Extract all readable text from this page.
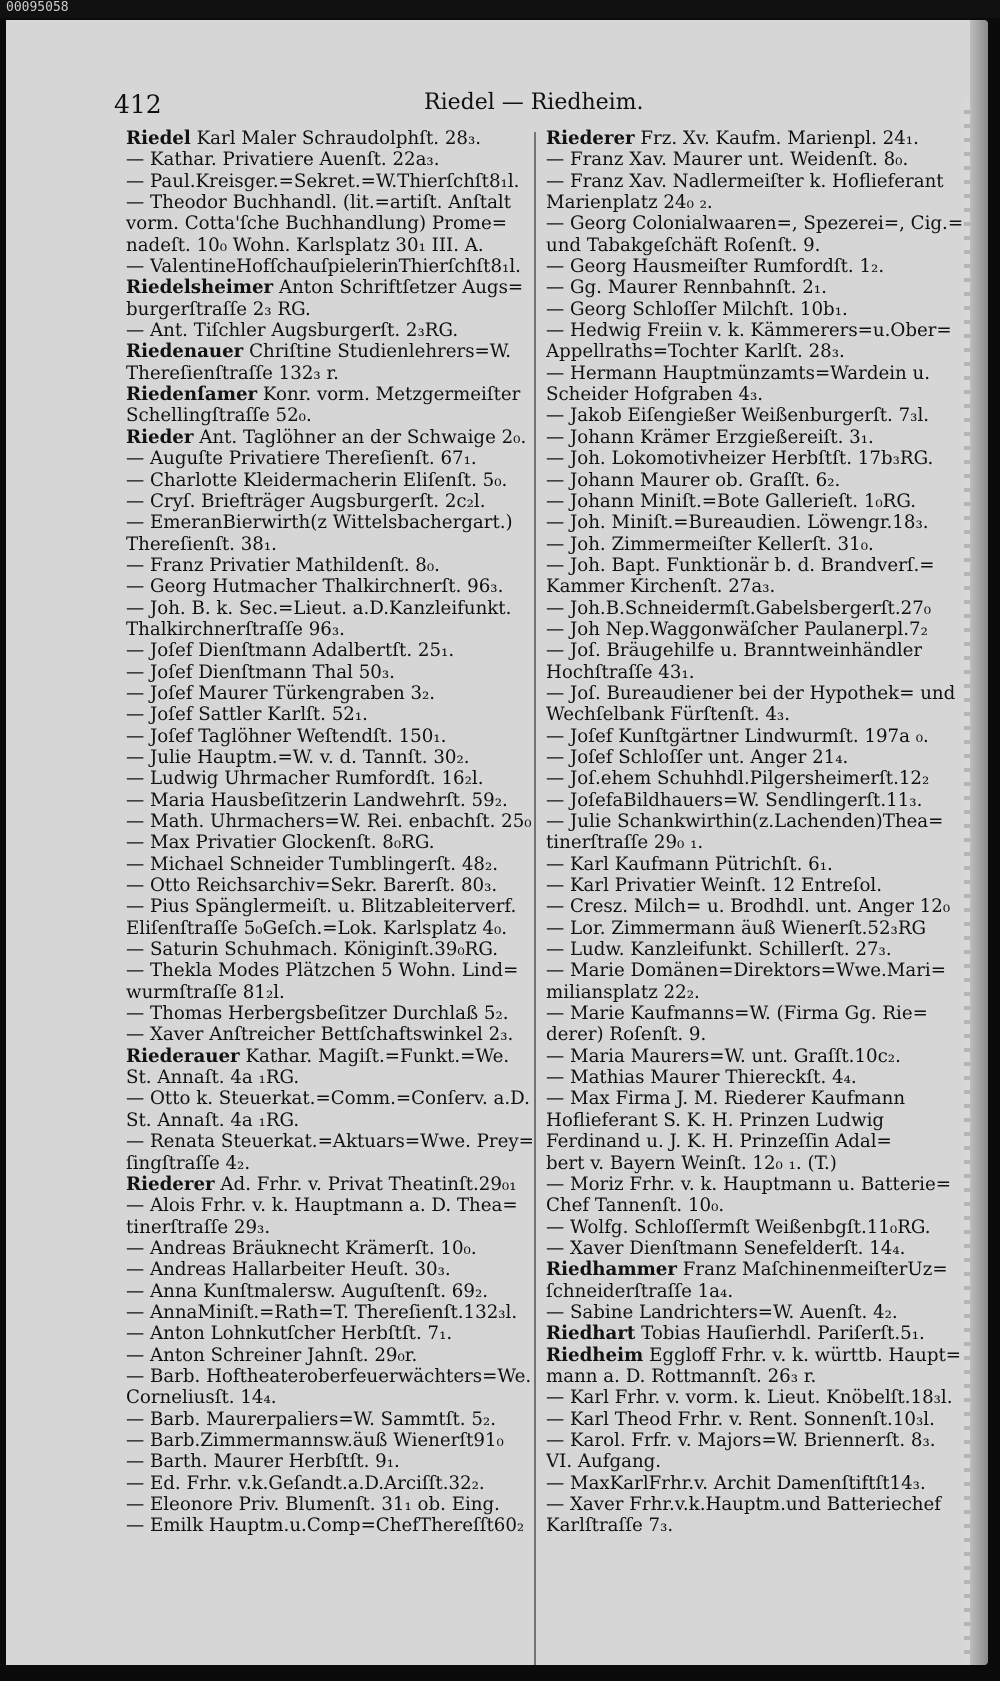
00095058
412	Riedel — Riedheim.
Riedel Karl Maler Schraudolphſt. 28₃.
— Kathar. Privatiere Auenſt. 22a₃.
— Paul.Kreisger.=Sekret.=W.Thierſchſt8₁l.
— Theodor Buchhandl. (lit.=artiſt. Anſtalt
vorm. Cotta'ſche Buchhandlung) Prome=
nadeſt. 10₀ Wohn. Karlsplatz 30₁ III. A.
— ValentineHofſchauſpielerinThierſchſt8₁l.
Riedelsheimer Anton Schriftſetzer Augs=
burgerſtraſſe 2₃ RG.
— Ant. Tiſchler Augsburgerſt. 2₃RG.
Riedenauer Chriſtine Studienlehrers=W.
Thereſienſtraſſe 132₃ r.
Riedenſamer Konr. vorm. Metzgermeiſter
Schellingſtraſſe 52₀.
Rieder Ant. Taglöhner an der Schwaige 2₀.
— Auguſte Privatiere Thereſienſt. 67₁.
— Charlotte Kleidermacherin Eliſenſt. 5₀.
— Cryſ. Briefträger Augsburgerſt. 2c₂l.
— EmeranBierwirth(z Wittelsbachergart.)
Thereſienſt. 38₁.
— Franz Privatier Mathildenſt. 8₀.
— Georg Hutmacher Thalkirchnerſt. 96₃.
— Joh. B. k. Sec.=Lieut. a.D.Kanzleifunkt.
Thalkirchnerſtraſſe 96₃.
— Joſef Dienſtmann Adalbertſt. 25₁.
— Joſef Dienſtmann Thal 50₃.
— Joſef Maurer Türkengraben 3₂.
— Joſef Sattler Karlſt. 52₁.
— Joſef Taglöhner Weſtendſt. 150₁.
— Julie Hauptm.=W. v. d. Tannſt. 30₂.
— Ludwig Uhrmacher Rumfordſt. 16₂l.
— Maria Hausbeſitzerin Landwehrſt. 59₂.
— Math. Uhrmachers=W. Rei. enbachſt. 25₀
— Max Privatier Glockenſt. 8₀RG.
— Michael Schneider Tumblingerſt. 48₂.
— Otto Reichsarchiv=Sekr. Barerſt. 80₃.
— Pius Spänglermeiſt. u. Blitzableiterverf.
Eliſenſtraſſe 5₀Geſch.=Lok. Karlsplatz 4₀.
— Saturin Schuhmach. Königinſt.39₀RG.
— Thekla Modes Plätzchen 5 Wohn. Lind=
wurmſtraſſe 81₂l.
— Thomas Herbergsbeſitzer Durchlaß 5₂.
— Xaver Anſtreicher Bettſchaftswinkel 2₃.
Riederauer Kathar. Magiſt.=Funkt.=We.
St. Annaſt. 4a ₁RG.
— Otto k. Steuerkat.=Comm.=Conſerv. a.D.
St. Annaſt. 4a ₁RG.
— Renata Steuerkat.=Aktuars=Wwe. Prey=
ſingſtraſſe 4₂.
Riederer Ad. Frhr. v. Privat Theatinſt.29₀₁
— Alois Frhr. v. k. Hauptmann a. D. Thea=
tinerſtraſſe 29₃.
— Andreas Bräuknecht Krämerſt. 10₀.
— Andreas Hallarbeiter Heuſt. 30₃.
— Anna Kunſtmalersw. Auguſtenſt. 69₂.
— AnnaMiniſt.=Rath=T. Thereſienſt.132₃l.
— Anton Lohnkutſcher Herbſtſt. 7₁.
— Anton Schreiner Jahnſt. 29₀r.
— Barb. Hoftheateroberfeuerwächters=We.
Corneliusſt. 14₄.
— Barb. Maurerpaliers=W. Sammtſt. 5₂.
— Barb.Zimmermannsw.äuß Wienerſt91₀
— Barth. Maurer Herbſtſt. 9₁.
— Ed. Frhr. v.k.Geſandt.a.D.Arciſſt.32₂.
— Eleonore Priv. Blumenſt. 31₁ ob. Eing.
— Emilk Hauptm.u.Comp=ChefThereſſt60₂
Riederer Frz. Xv. Kaufm. Marienpl. 24₁.
— Franz Xav. Maurer unt. Weidenſt. 8₀.
— Franz Xav. Nadlermeiſter k. Hoflieferant
Marienplatz 24₀ ₂.
— Georg Colonialwaaren=, Spezerei=, Cig.=
und Tabakgeſchäft Roſenſt. 9.
— Georg Hausmeiſter Rumfordſt. 1₂.
— Gg. Maurer Rennbahnſt. 2₁.
— Georg Schloſſer Milchſt. 10b₁.
— Hedwig Freiin v. k. Kämmerers=u.Ober=
Appellraths=Tochter Karlſt. 28₃.
— Hermann Hauptmünzamts=Wardein u.
Scheider Hofgraben 4₃.
— Jakob Eiſengießer Weißenburgerſt. 7₃l.
— Johann Krämer Erzgießereiſt. 3₁.
— Joh. Lokomotivheizer Herbſtſt. 17b₃RG.
— Johann Maurer ob. Graſſt. 6₂.
— Johann Miniſt.=Bote Gallerieſt. 1₀RG.
— Joh. Miniſt.=Bureaudien. Löwengr.18₃.
— Joh. Zimmermeiſter Kellerſt. 31₀.
— Joh. Bapt. Funktionär b. d. Brandverſ.=
Kammer Kirchenſt. 27a₃.
— Joh.B.Schneidermſt.Gabelsbergerſt.27₀
— Joh Nep.Waggonwäſcher Paulanerpl.7₂
— Joſ. Bräugehilfe u. Branntweinhändler
Hochſtraſſe 43₁.
— Joſ. Bureaudiener bei der Hypothek= und
Wechſelbank Fürſtenſt. 4₃.
— Joſef Kunſtgärtner Lindwurmſt. 197a ₀.
— Joſef Schloſſer unt. Anger 21₄.
— Joſ.ehem Schuhhdl.Pilgersheimerſt.12₂
— JoſefaBildhauers=W. Sendlingerſt.11₃.
— Julie Schankwirthin(z.Lachenden)Thea=
tinerſtraſſe 29₀ ₁.
— Karl Kaufmann Pütrichſt. 6₁.
— Karl Privatier Weinſt. 12 Entreſol.
— Cresz. Milch= u. Brodhdl. unt. Anger 12₀
— Lor. Zimmermann äuß Wienerſt.52₃RG
— Ludw. Kanzleifunkt. Schillerſt. 27₃.
— Marie Domänen=Direktors=Wwe.Mari=
miliansplatz 22₂.
— Marie Kaufmanns=W. (Firma Gg. Rie=
derer) Roſenſt. 9.
— Maria Maurers=W. unt. Graſſt.10c₂.
— Mathias Maurer Thiereckſt. 4₄.
— Max Firma J. M. Riederer Kaufmann
Hoflieferant S. K. H. Prinzen Ludwig
Ferdinand u. J. K. H. Prinzeſſin Adal=
bert v. Bayern Weinſt. 12₀ ₁. (T.)
— Moriz Frhr. v. k. Hauptmann u. Batterie=
Chef Tannenſt. 10₀.
— Wolfg. Schloſſermſt Weißenbgſt.11₀RG.
— Xaver Dienſtmann Senefelderſt. 14₄.
Riedhammer Franz MaſchinenmeiſterUz=
ſchneiderſtraſſe 1a₄.
— Sabine Landrichters=W. Auenſt. 4₂.
Riedhart Tobias Hauſierhdl. Pariſerſt.5₁.
Riedheim Eggloff Frhr. v. k. württb. Haupt=
mann a. D. Rottmannſt. 26₃ r.
— Karl Frhr. v. vorm. k. Lieut. Knöbelſt.18₃l.
— Karl Theod Frhr. v. Rent. Sonnenſt.10₃l.
— Karol. Frfr. v. Majors=W. Briennerſt. 8₃.
VI. Aufgang.
— MaxKarlFrhr.v. Archit Damenſtiftſt14₃.
— Xaver Frhr.v.k.Hauptm.und Batteriechef
Karlſtraſſe 7₃.
